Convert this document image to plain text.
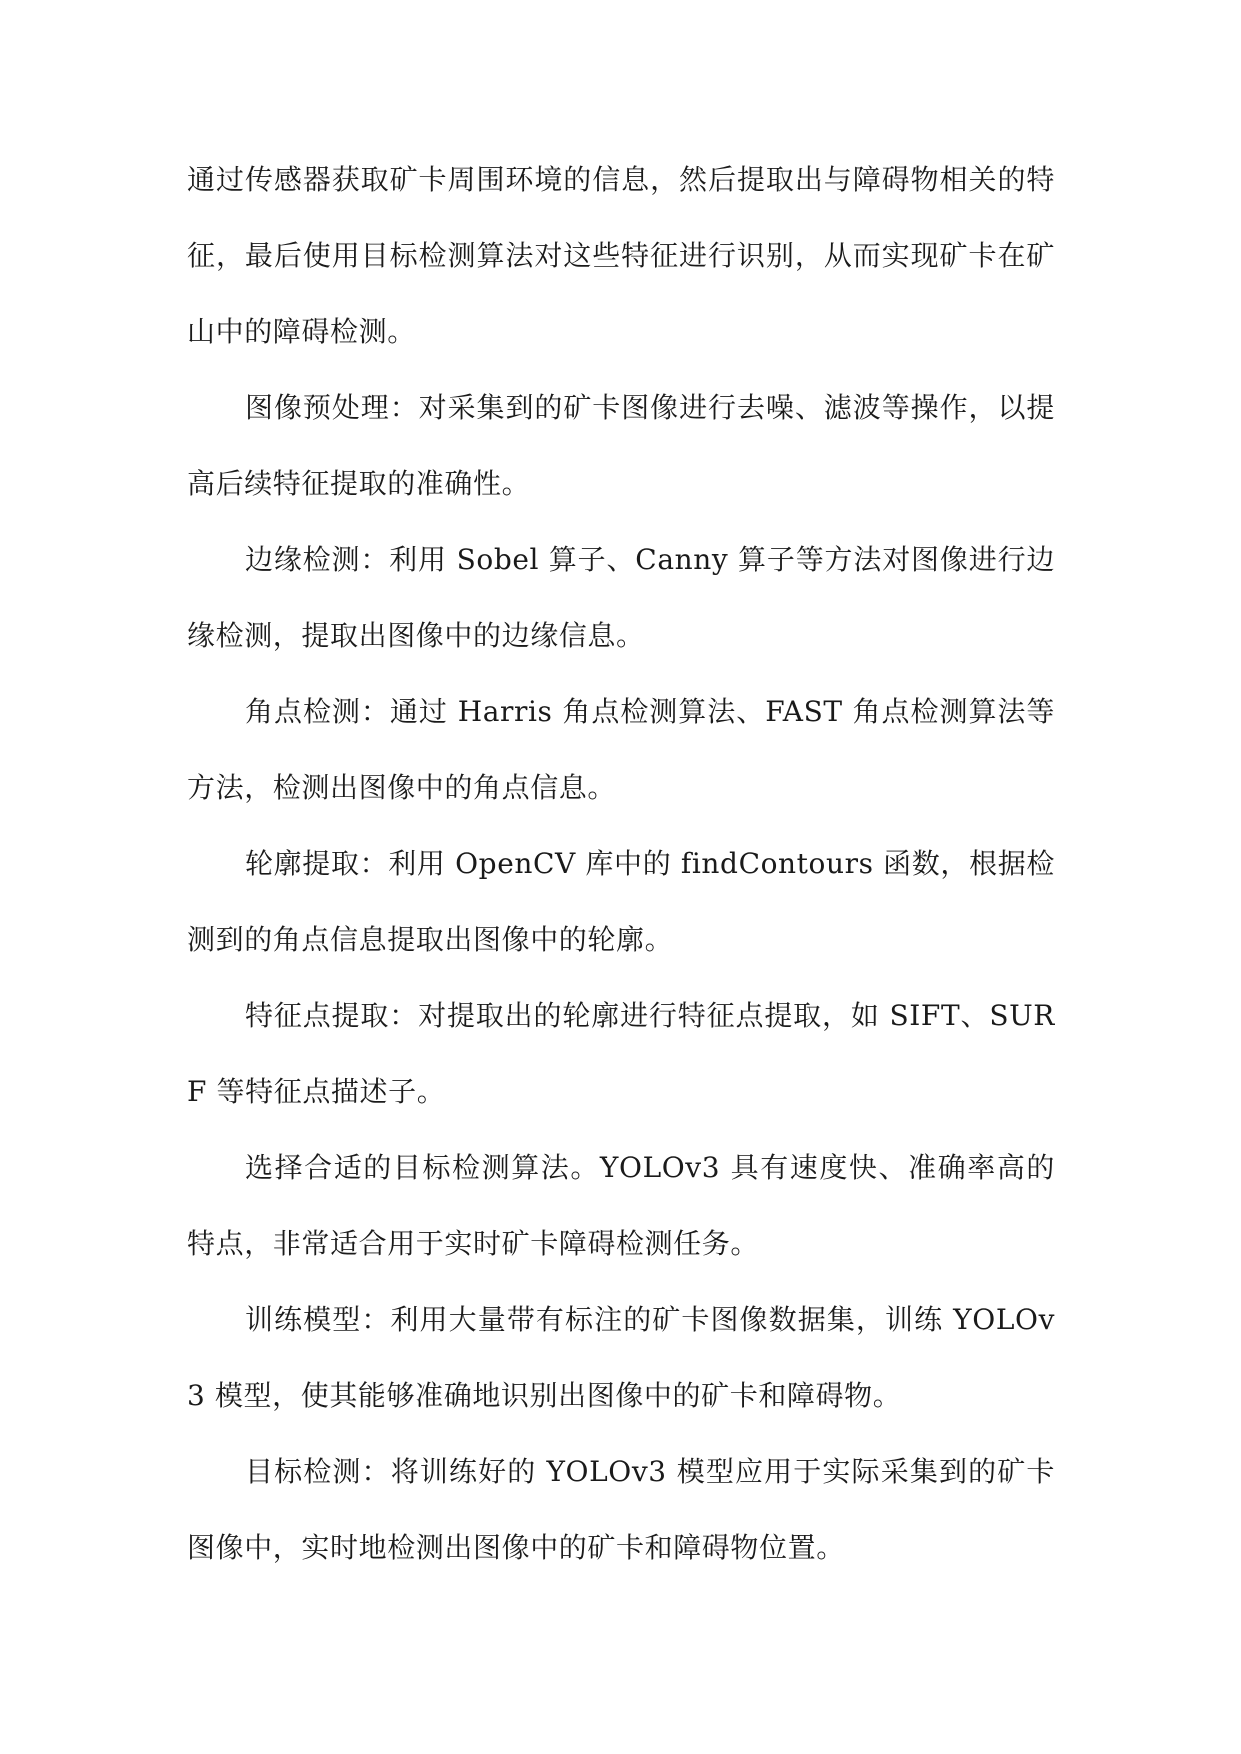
通过传感器获取矿卡周围环境的信息，然后提取出与障碍物相关的特征，最后使用目标检测算法对这些特征进行识别，从而实现矿卡在矿山中的障碍检测。

图像预处理：对采集到的矿卡图像进行去噪、滤波等操作，以提高后续特征提取的准确性。

边缘检测：利用 Sobel 算子、Canny 算子等方法对图像进行边缘检测，提取出图像中的边缘信息。

角点检测：通过 Harris 角点检测算法、FAST 角点检测算法等方法，检测出图像中的角点信息。

轮廓提取：利用 OpenCV 库中的 findContours 函数，根据检测到的角点信息提取出图像中的轮廓。

特征点提取：对提取出的轮廓进行特征点提取，如 SIFT、SURF 等特征点描述子。

选择合适的目标检测算法。YOLOv3 具有速度快、准确率高的特点，非常适合用于实时矿卡障碍检测任务。

训练模型：利用大量带有标注的矿卡图像数据集，训练 YOLOv3 模型，使其能够准确地识别出图像中的矿卡和障碍物。

目标检测：将训练好的 YOLOv3 模型应用于实际采集到的矿卡图像中，实时地检测出图像中的矿卡和障碍物位置。
